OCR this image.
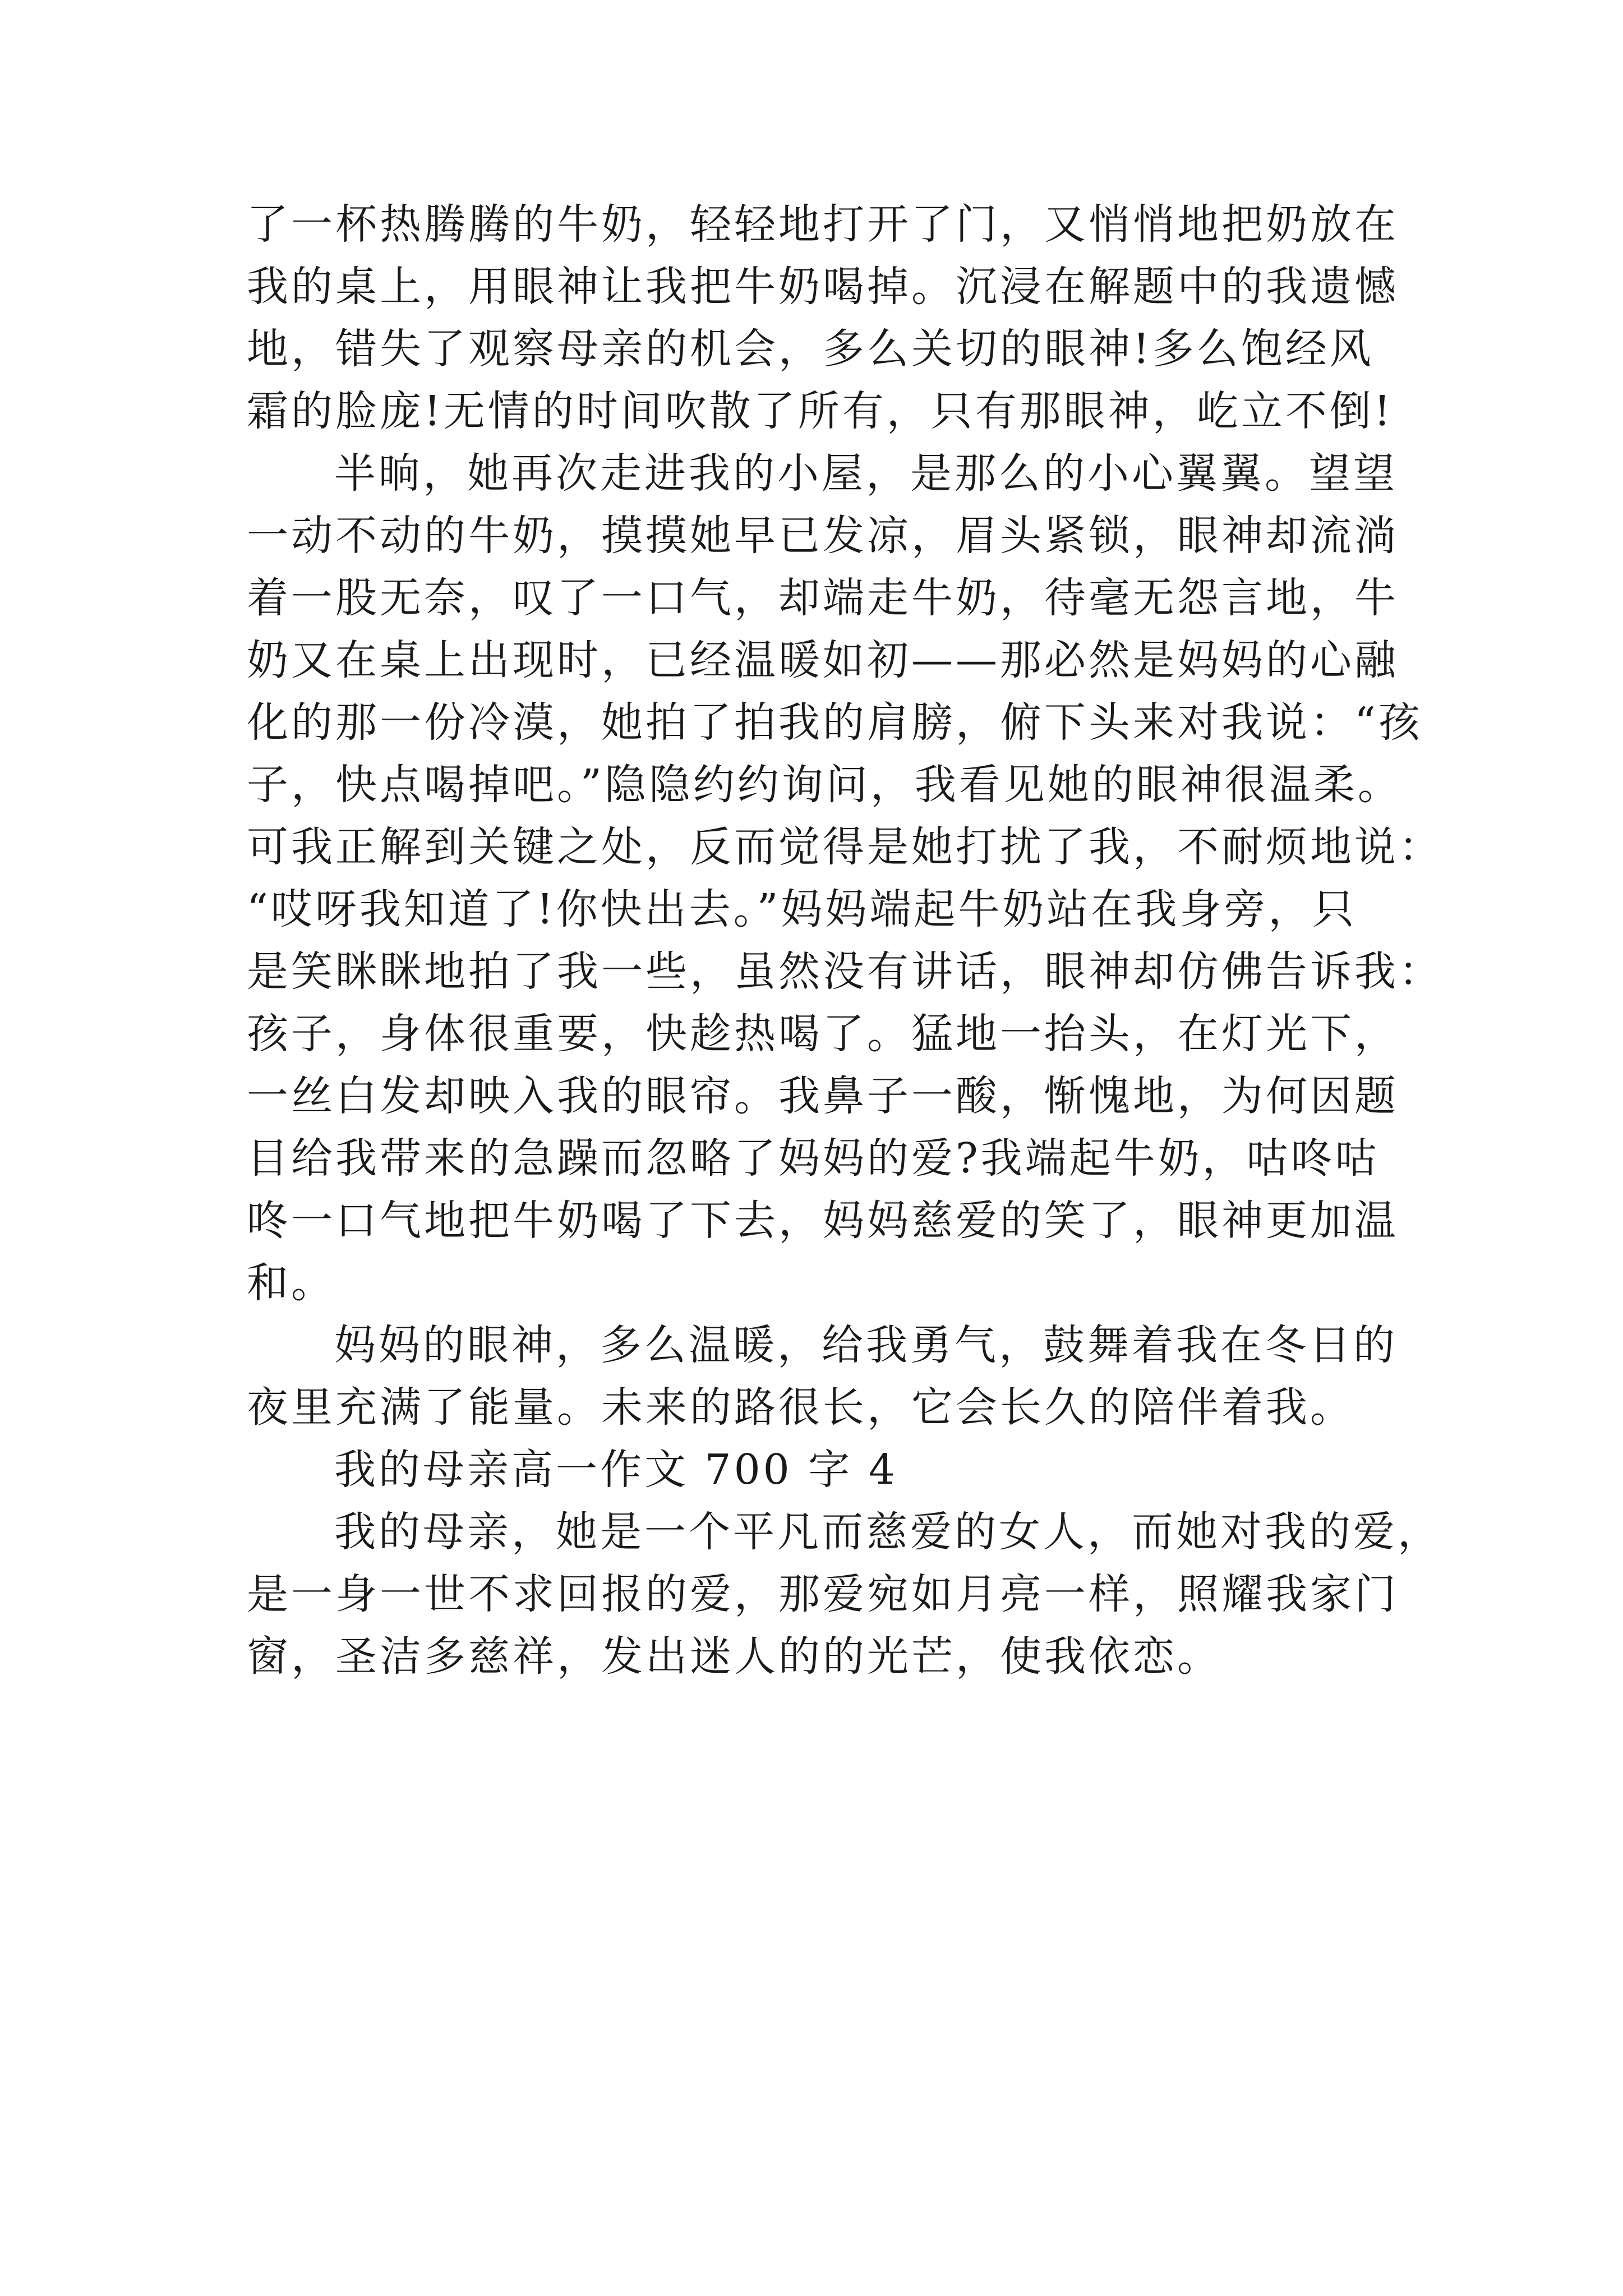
了一杯热腾腾的牛奶，轻轻地打开了门，又悄悄地把奶放在
我的桌上，用眼神让我把牛奶喝掉。沉浸在解题中的我遗憾
地，错失了观察母亲的机会，多么关切的眼神!多么饱经风
霜的脸庞!无情的时间吹散了所有，只有那眼神，屹立不倒!
半晌，她再次走进我的小屋，是那么的小心翼翼。望望
一动不动的牛奶，摸摸她早已发凉，眉头紧锁，眼神却流淌
着一股无奈，叹了一口气，却端走牛奶，待毫无怨言地，牛
奶又在桌上出现时，已经温暖如初——那必然是妈妈的心融
化的那一份冷漠，她拍了拍我的肩膀，俯下头来对我说：“孩
子，快点喝掉吧。”隐隐约约询问，我看见她的眼神很温柔。
可我正解到关键之处，反而觉得是她打扰了我，不耐烦地说：
“哎呀我知道了!你快出去。”妈妈端起牛奶站在我身旁，只
是笑眯眯地拍了我一些，虽然没有讲话，眼神却仿佛告诉我：
孩子，身体很重要，快趁热喝了。猛地一抬头，在灯光下，
一丝白发却映入我的眼帘。我鼻子一酸，惭愧地，为何因题
目给我带来的急躁而忽略了妈妈的爱?我端起牛奶，咕咚咕
咚一口气地把牛奶喝了下去，妈妈慈爱的笑了，眼神更加温
和。
妈妈的眼神，多么温暖，给我勇气，鼓舞着我在冬日的
夜里充满了能量。未来的路很长，它会长久的陪伴着我。
我的母亲高一作文 700 字 4
我的母亲，她是一个平凡而慈爱的女人，而她对我的爱，
是一身一世不求回报的爱，那爱宛如月亮一样，照耀我家门
窗，圣洁多慈祥，发出迷人的的光芒，使我依恋。
